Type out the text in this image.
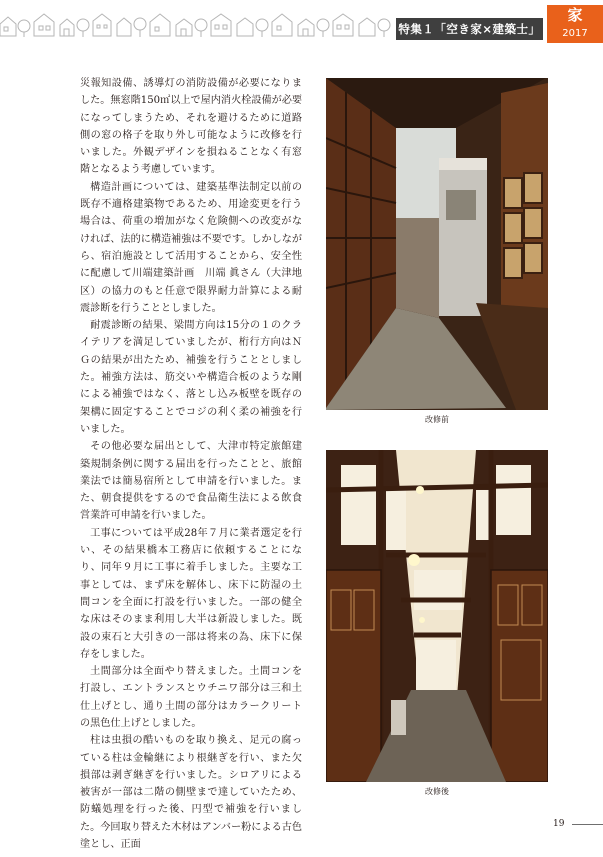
特集１「空き家×建築士」
家
2017

災報知設備、誘導灯の消防設備が必要になりました。無窓階150㎡以上で屋内消火栓設備が必要になってしまうため、それを避けるために道路側の窓の格子を取り外し可能なように改修を行いました。外観デザインを損ねることなく有窓階となるよう考慮しています。

構造計画については、建築基準法制定以前の既存不適格建築物であるため、用途変更を行う場合は、荷重の増加がなく危険側への改変がなければ、法的に構造補強は不要です。しかしながら、宿泊施設として活用することから、安全性に配慮して川端建築計画　川端 眞さん（大津地区）の協力のもと任意で限界耐力計算による耐震診断を行うこととしました。

耐震診断の結果、梁間方向は15分の１のクライテリアを満足していましたが、桁行方向はＮＧの結果が出たため、補強を行うこととしました。補強方法は、筋交いや構造合板のような剛による補強ではなく、落とし込み板壁を既存の架構に固定することでコジの利く柔の補強を行いました。

その他必要な届出として、大津市特定旅館建築規制条例に関する届出を行ったことと、旅館業法では簡易宿所として申請を行いました。また、朝食提供をするので食品衛生法による飲食営業許可申請を行いました。

工事については平成28年７月に業者選定を行い、その結果橋本工務店に依頼することになり、同年９月に工事に着手しました。主要な工事としては、まず床を解体し、床下に防湿の土間コンを全面に打設を行いました。一部の健全な床はそのまま利用し大半は新設しました。既設の束石と大引きの一部は将来の為、床下に保存をしました。

土間部分は全面やり替えました。土間コンを打設し、エントランスとウチニワ部分は三和土仕上げとし、通り土間の部分はカラークリートの黒色仕上げとしました。

柱は虫損の酷いものを取り換え、足元の腐っている柱は金輪継により根継ぎを行い、また欠損部は剥ぎ継ぎを行いました。シロアリによる被害が一部は二階の側壁まで達していたため、防蟻処理を行った後、円型で補強を行いました。今回取り替えた木材はアンバー粉による古色塗とし、正面

改修前
改修後
19
